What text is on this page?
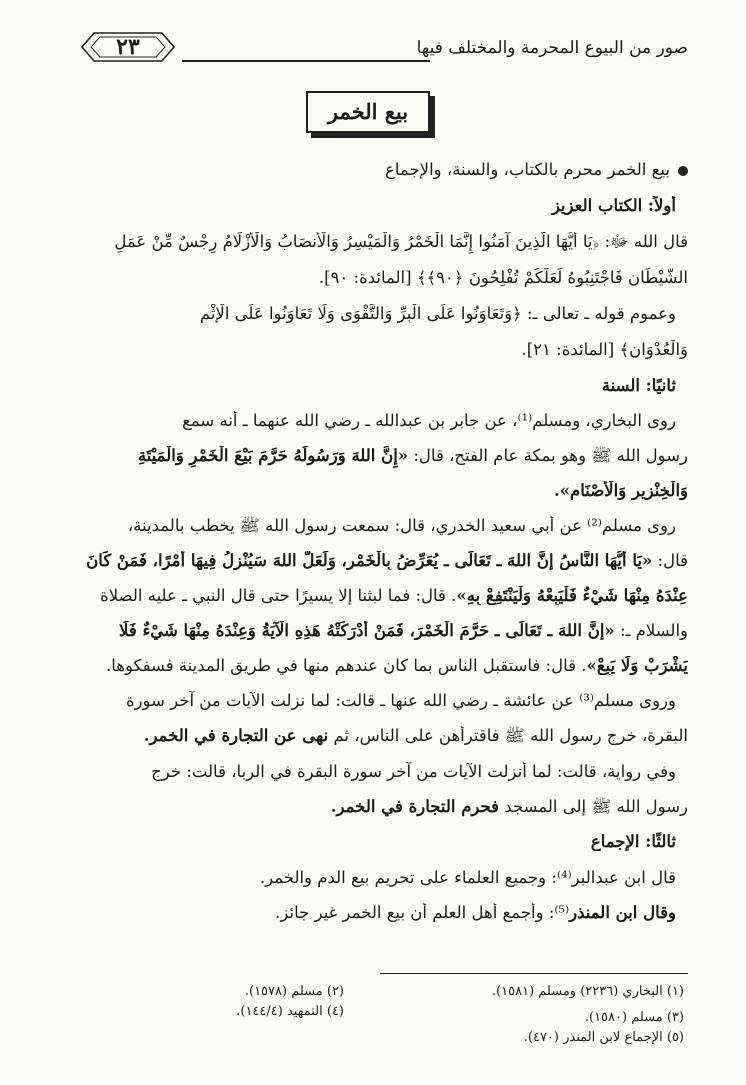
صور من البيوع المحرمة والمختلف فيها
٢٣
بيع الخمر
بيع الخمر محرم بالكتاب، والسنة، والإجماع
أولاً: الكتاب العزيز
قال الله ﷻ: ﴿يَا أَيُّهَا الَّذِينَ آمَنُوا إِنَّمَا الْخَمْرُ وَالْمَيْسِرُ وَالْأَنصَابُ وَالْأَزْلَامُ رِجْسٌ مِّنْ عَمَلِ
الشَّيْطَانِ فَاجْتَنِبُوهُ لَعَلَّكُمْ تُفْلِحُونَ ﴿٩٠﴾﴾ [المائدة: ٩٠].
وعموم قوله ـ تعالى ـ: ﴿وَتَعَاوَنُوا عَلَى الْبِرِّ وَالتَّقْوَى وَلَا تَعَاوَنُوا عَلَى الْإِثْمِ
وَالْعُدْوَانِ﴾ [المائدة: ٢١].
ثانيًا: السنة
روى البخاري، ومسلم⁽¹⁾، عن جابر بن عبدالله ـ رضي الله عنهما ـ أنه سمع
رسول الله ﷺ وهو بمكة عام الفتح، قال: «إِنَّ اللهَ وَرَسُولَهُ حَرَّمَ بَيْعَ الْخَمْرِ وَالْمَيْتَةِ
وَالْخِنْزِيرِ وَالْأَصْنَامِ».
روى مسلم⁽²⁾ عن أبي سعيد الخدري، قال: سمعت رسول الله ﷺ يخطب بالمدينة،
قال: «يَا أَيُّهَا النَّاسُ إِنَّ اللهَ ـ تَعَالَى ـ يُعَرِّضُ بِالْخَمْرِ، وَلَعَلَّ اللهَ سَيُنْزِلُ فِيهَا أَمْرًا، فَمَنْ كَانَ
عِنْدَهُ مِنْهَا شَيْءٌ فَلْيَبِعْهُ وَلْيَنْتَفِعْ بِهِ». قال: فما لبثنا إلا يسيرًا حتى قال النبي ـ عليه الصلاة
والسلام ـ: «إِنَّ اللهَ ـ تَعَالَى ـ حَرَّمَ الْخَمْرَ، فَمَنْ أَدْرَكَتْهُ هَذِهِ الْآيَةُ وَعِنْدَهُ مِنْهَا شَيْءٌ فَلَا
يَشْرَبْ وَلَا يَبِعْ». قال: فاستقبل الناس بما كان عندهم منها في طريق المدينة فسفكوها.
وروى مسلم⁽³⁾ عن عائشة ـ رضي الله عنها ـ قالت: لما نزلت الآيات من آخر سورة
البقرة، خرج رسول الله ﷺ فاقترأهن على الناس، ثم نهى عن التجارة في الخمر.
وفي رواية، قالت: لما أنزلت الآيات من آخر سورة البقرة في الربا، قالت: خرج
رسول الله ﷺ إلى المسجد فحرم التجارة في الخمر.
ثالثًا: الإجماع
قال ابن عبدالبر⁽⁴⁾: وجميع العلماء على تحريم بيع الدم والخمر.
وقال ابن المنذر⁽⁵⁾: وأجمع أهل العلم أن بيع الخمر غير جائز.
(١) البخاري (٢٢٣٦) ومسلم (١٥٨١).
(٢) مسلم (١٥٧٨).
(٤) التمهيد (١٤٤/٤).	(٣) مسلم (١٥٨٠).
(٥) الإجماع لابن المنذر (٤٧٠).
